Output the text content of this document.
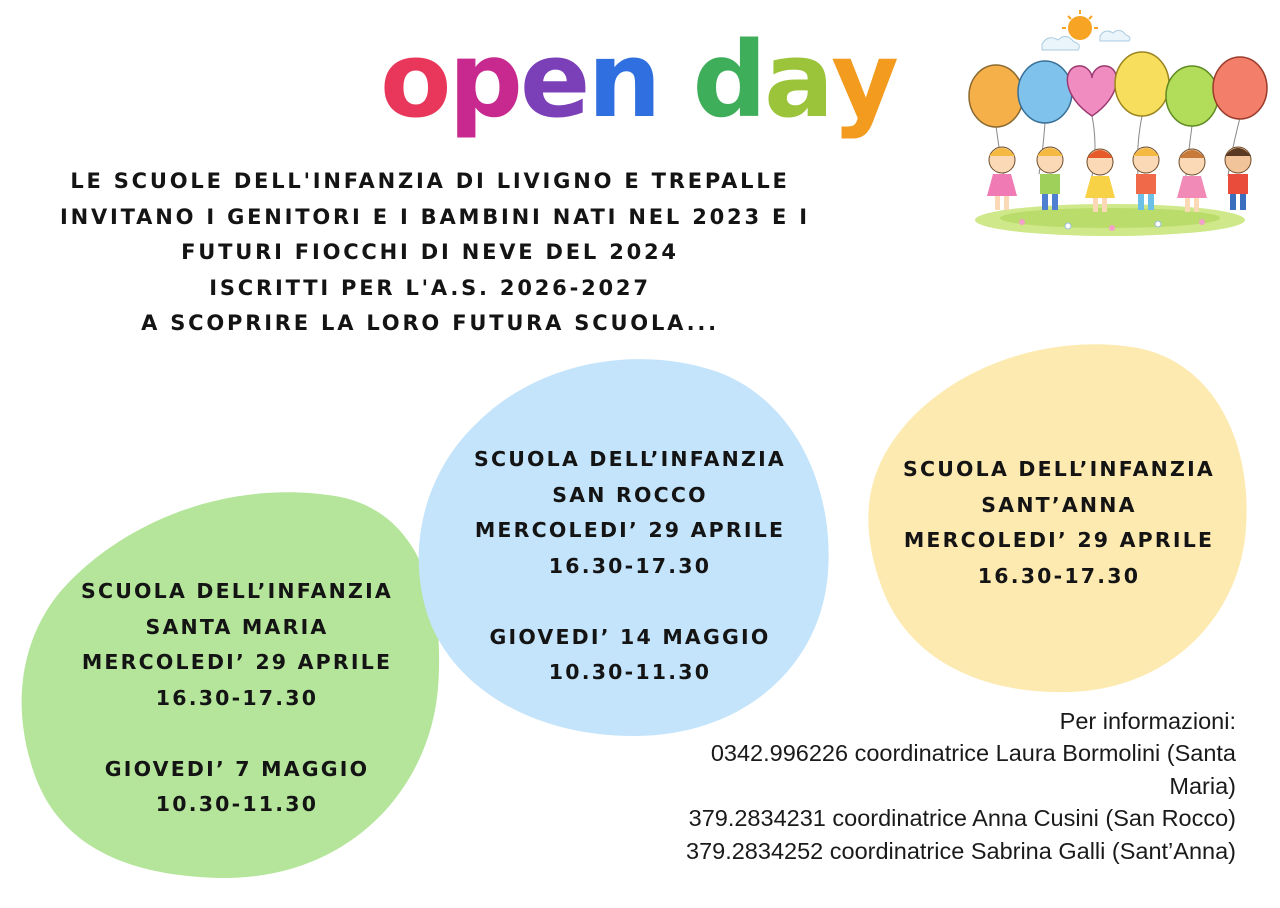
open day

LE SCUOLE DELL'INFANZIA DI LIVIGNO E TREPALLE
INVITANO I GENITORI E I BAMBINI NATI NEL 2023 E I
FUTURI FIOCCHI DI NEVE DEL 2024
ISCRITTI PER L'A.S. 2026-2027
A SCOPRIRE LA LORO FUTURA SCUOLA...

SCUOLA DELL’INFANZIA
SANTA MARIA
MERCOLEDI’ 29 APRILE
16.30-17.30
GIOVEDI’ 7 MAGGIO
10.30-11.30
SCUOLA DELL’INFANZIA
SAN ROCCO
MERCOLEDI’ 29 APRILE
16.30-17.30
GIOVEDI’ 14 MAGGIO
10.30-11.30
SCUOLA DELL’INFANZIA
SANT’ANNA
MERCOLEDI’ 29 APRILE
16.30-17.30
Per informazioni:
0342.996226 coordinatrice Laura Bormolini (Santa
Maria)
379.2834231 coordinatrice Anna Cusini (San Rocco)
379.2834252 coordinatrice Sabrina Galli (Sant’Anna)
